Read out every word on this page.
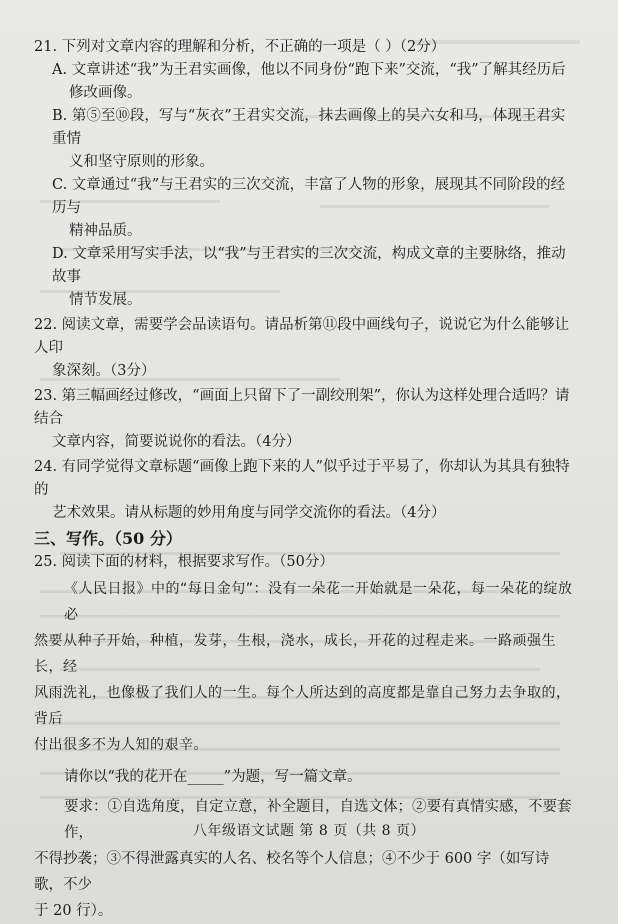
21. 下列对文章内容的理解和分析，不正确的一项是（ ）（2分）
A. 文章讲述“我”为王君实画像，他以不同身份“跑下来”交流，“我”了解其经历后
修改画像。
B. 第⑤至⑩段，写与“灰衣”王君实交流，抹去画像上的吴六女和马，体现王君实重情
义和坚守原则的形象。
C. 文章通过“我”与王君实的三次交流，丰富了人物的形象，展现其不同阶段的经历与
精神品质。
D. 文章采用写实手法，以“我”与王君实的三次交流，构成文章的主要脉络，推动故事
情节发展。
22. 阅读文章，需要学会品读语句。请品析第⑪段中画线句子，说说它为什么能够让人印
象深刻。（3分）
23. 第三幅画经过修改，“画面上只留下了一副绞刑架”，你认为这样处理合适吗？请结合
文章内容，简要说说你的看法。（4分）
24. 有同学觉得文章标题“画像上跑下来的人”似乎过于平易了，你却认为其具有独特的
艺术效果。请从标题的妙用角度与同学交流你的看法。（4分）
三、写作。（50 分）
25. 阅读下面的材料，根据要求写作。（50分）
《人民日报》中的“每日金句”：没有一朵花一开始就是一朵花，每一朵花的绽放必
然要从种子开始，种植，发芽，生根，浇水，成长，开花的过程走来。一路顽强生长，经
风雨洗礼，也像极了我们人的一生。每个人所达到的高度都是靠自己努力去争取的，背后
付出很多不为人知的艰辛。
请你以“我的花开在_____”为题，写一篇文章。
要求：①自选角度，自定立意，补全题目，自选文体；②要有真情实感，不要套作，
不得抄袭；③不得泄露真实的人名、校名等个人信息；④不少于 600 字（如写诗歌，不少
于 20 行）。
八年级语文试题 第 8 页（共 8 页）
